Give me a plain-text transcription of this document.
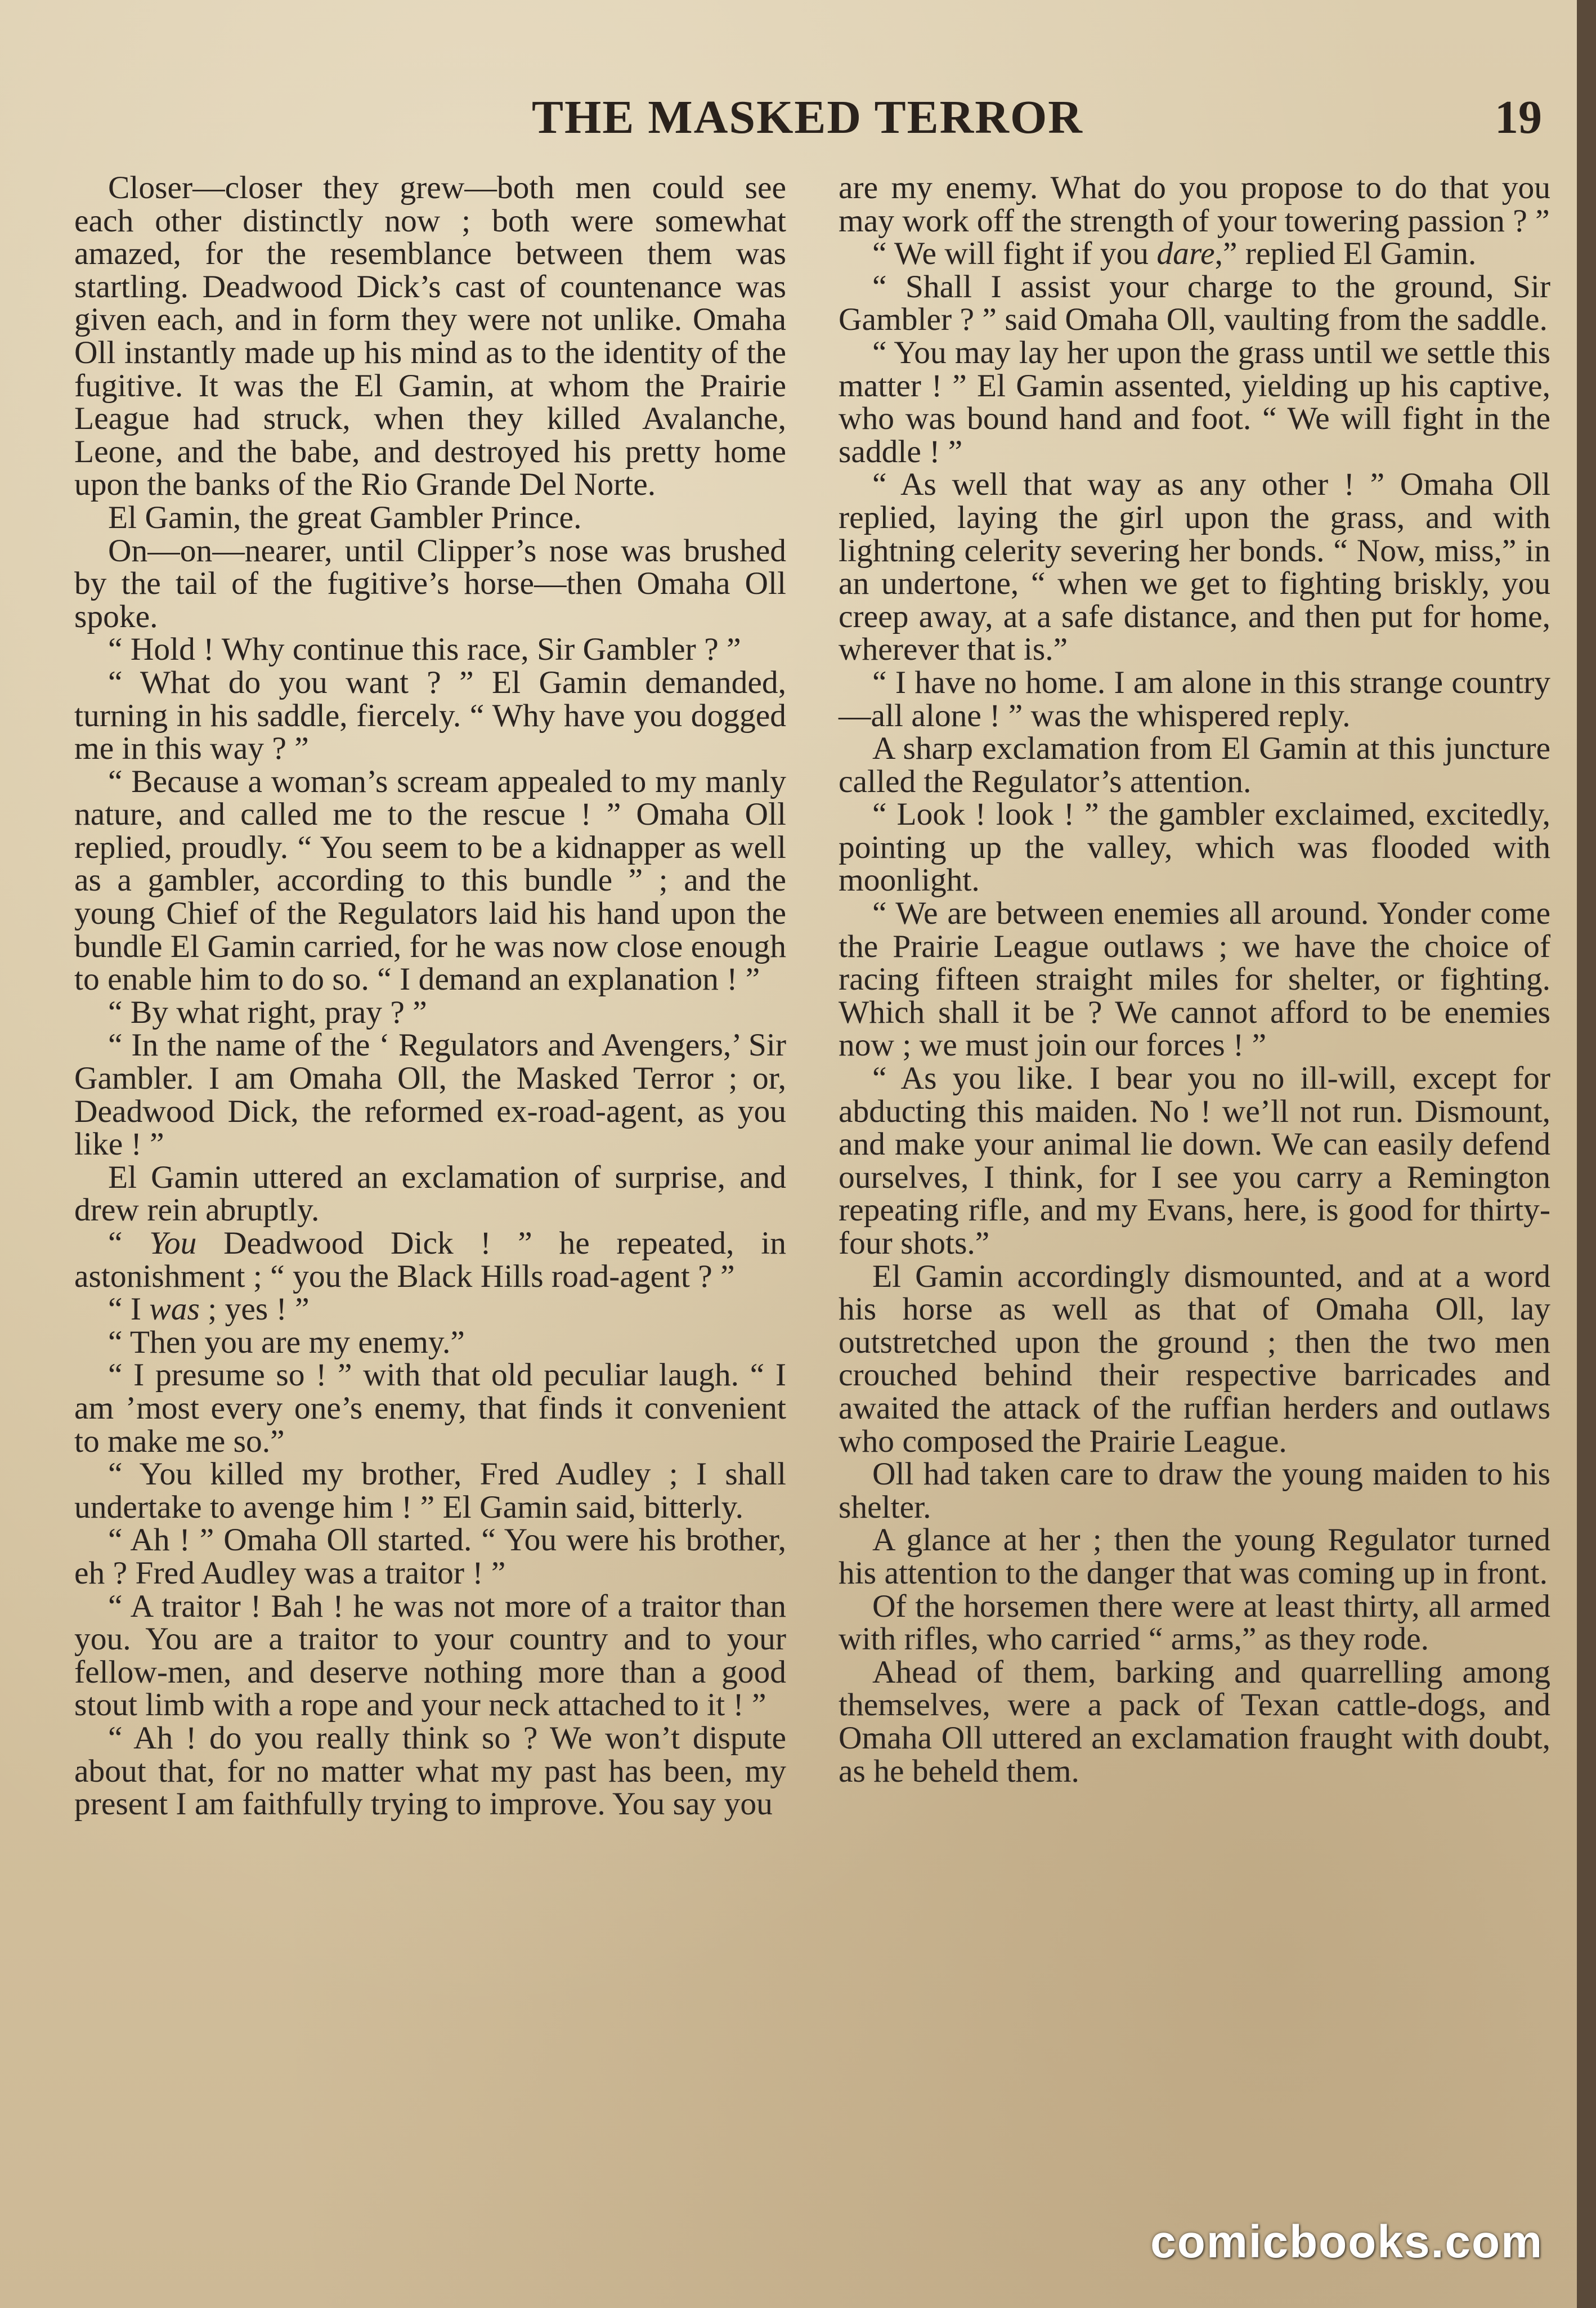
THE MASKED TERROR	19

Closer—closer they grew—both men could see each other distinctly now ; both were somewhat amazed, for the resemblance between them was startling. Deadwood Dick’s cast of countenance was given each, and in form they were not unlike. Omaha Oll instantly made up his mind as to the identity of the fugitive. It was the El Gamin, at whom the Prairie League had struck, when they killed Avalanche, Leone, and the babe, and destroyed his pretty home upon the banks of the Rio Grande Del Norte.

El Gamin, the great Gambler Prince.

On—on—nearer, until Clipper’s nose was brushed by the tail of the fugitive’s horse—then Omaha Oll spoke.

“ Hold ! Why continue this race, Sir Gambler ? ”

“ What do you want ? ” El Gamin demanded, turning in his saddle, fiercely. “ Why have you dogged me in this way ? ”

“ Because a woman’s scream appealed to my manly nature, and called me to the rescue ! ” Omaha Oll replied, proudly. “ You seem to be a kidnapper as well as a gambler, according to this bundle ” ; and the young Chief of the Regulators laid his hand upon the bundle El Gamin carried, for he was now close enough to enable him to do so. “ I demand an explanation ! ”

“ By what right, pray ? ”

“ In the name of the ‘ Regulators and Avengers,’ Sir Gambler. I am Omaha Oll, the Masked Terror ; or, Deadwood Dick, the reformed ex-road-agent, as you like ! ”

El Gamin uttered an exclamation of surprise, and drew rein abruptly.

“ You Deadwood Dick ! ” he repeated, in astonishment ; “ you the Black Hills road-agent ? ”

“ I was ; yes ! ”

“ Then you are my enemy.”

“ I presume so ! ” with that old peculiar laugh. “ I am ’most every one’s enemy, that finds it convenient to make me so.”

“ You killed my brother, Fred Audley ; I shall undertake to avenge him ! ” El Gamin said, bitterly.

“ Ah ! ” Omaha Oll started. “ You were his brother, eh ? Fred Audley was a traitor ! ”

“ A traitor ! Bah ! he was not more of a traitor than you. You are a traitor to your country and to your fellow-men, and deserve nothing more than a good stout limb with a rope and your neck attached to it ! ”

“ Ah ! do you really think so ? We won’t dispute about that, for no matter what my past has been, my present I am faithfully trying to improve. You say you

are my enemy. What do you propose to do that you may work off the strength of your towering passion ? ”

“ We will fight if you dare,” replied El Gamin.

“ Shall I assist your charge to the ground, Sir Gambler ? ” said Omaha Oll, vaulting from the saddle.

“ You may lay her upon the grass until we settle this matter ! ” El Gamin assented, yielding up his captive, who was bound hand and foot. “ We will fight in the saddle ! ”

“ As well that way as any other ! ” Omaha Oll replied, laying the girl upon the grass, and with lightning celerity severing her bonds. “ Now, miss,” in an undertone, “ when we get to fighting briskly, you creep away, at a safe distance, and then put for home, wherever that is.”

“ I have no home. I am alone in this strange country—all alone ! ” was the whispered reply.

A sharp exclamation from El Gamin at this juncture called the Regulator’s attention.

“ Look ! look ! ” the gambler exclaimed, excitedly, pointing up the valley, which was flooded with moonlight.

“ We are between enemies all around. Yonder come the Prairie League outlaws ; we have the choice of racing fifteen straight miles for shelter, or fighting. Which shall it be ? We cannot afford to be enemies now ; we must join our forces ! ”

“ As you like. I bear you no ill-will, except for abducting this maiden. No ! we’ll not run. Dismount, and make your animal lie down. We can easily defend ourselves, I think, for I see you carry a Remington repeating rifle, and my Evans, here, is good for thirty-four shots.”

El Gamin accordingly dismounted, and at a word his horse as well as that of Omaha Oll, lay outstretched upon the ground ; then the two men crouched behind their respective barricades and awaited the attack of the ruffian herders and outlaws who composed the Prairie League.

Oll had taken care to draw the young maiden to his shelter.

A glance at her ; then the young Regulator turned his attention to the danger that was coming up in front.

Of the horsemen there were at least thirty, all armed with rifles, who carried “ arms,” as they rode.

Ahead of them, barking and quarrelling among themselves, were a pack of Texan cattle-dogs, and Omaha Oll uttered an exclamation fraught with doubt, as he beheld them.

comicbooks.com
